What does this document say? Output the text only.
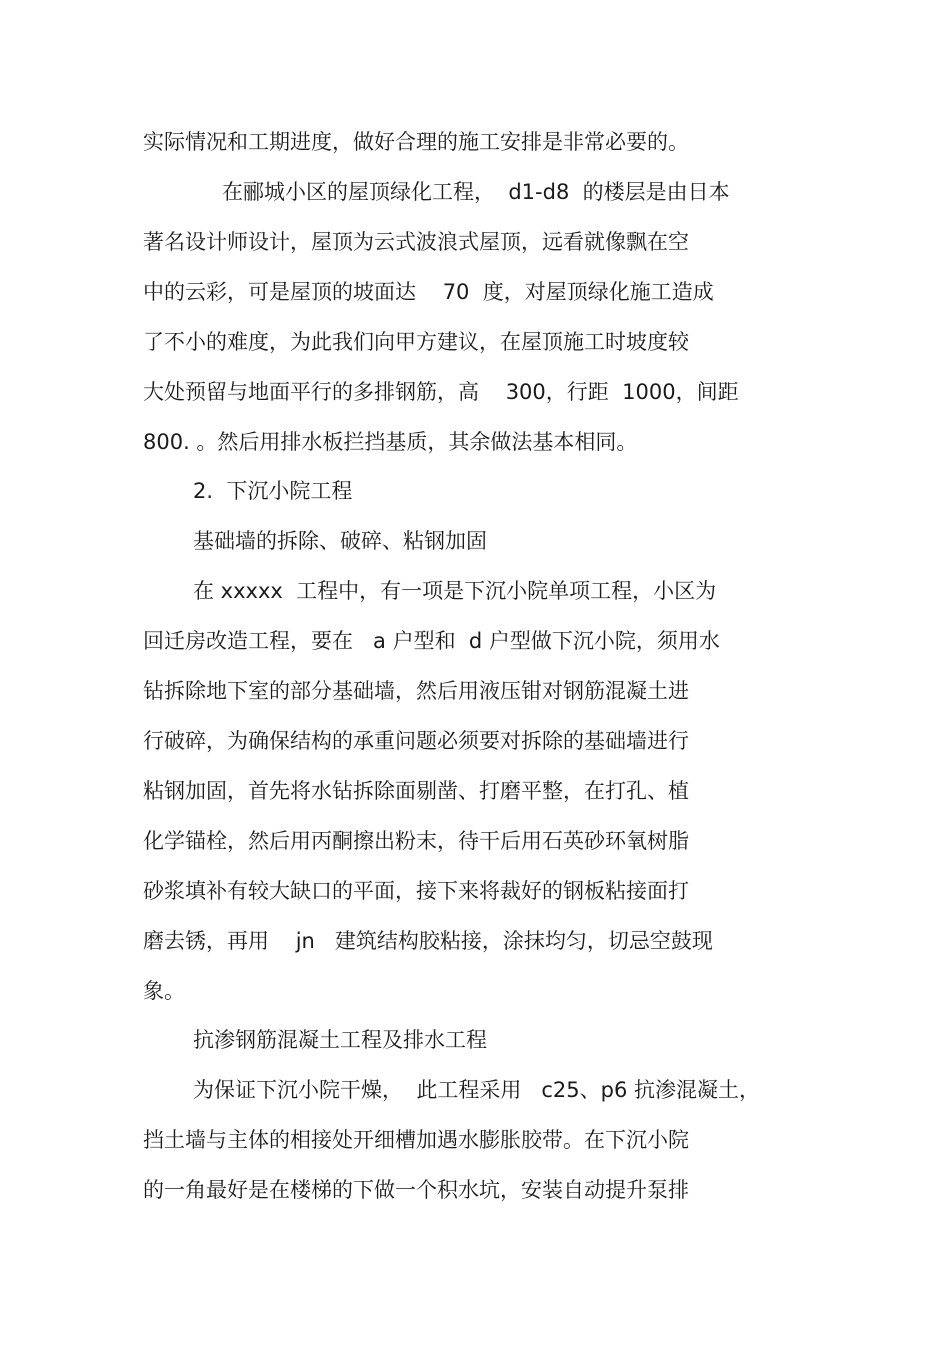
实际情况和工期进度，做好合理的施工安排是非常必要的。
在郦城小区的屋顶绿化工程，  d1-d8  的楼层是由日本
著名设计师设计，屋顶为云式波浪式屋顶，远看就像飘在空
中的云彩，可是屋顶的坡面达    70  度，对屋顶绿化施工造成
了不小的难度，为此我们向甲方建议，在屋顶施工时坡度较
大处预留与地面平行的多排钢筋，高    300，行距  1000，间距
800. 。然后用排水板拦挡基质，其余做法基本相同。
2.  下沉小院工程
基础墙的拆除、破碎、粘钢加固
在 xxxxx  工程中，有一项是下沉小院单项工程，小区为
回迁房改造工程，要在   a 户型和  d 户型做下沉小院，须用水
钻拆除地下室的部分基础墙，然后用液压钳对钢筋混凝土进
行破碎，为确保结构的承重问题必须要对拆除的基础墙进行
粘钢加固，首先将水钻拆除面剔凿、打磨平整，在打孔、植
化学锚栓，然后用丙酮擦出粉末，待干后用石英砂环氧树脂
砂浆填补有较大缺口的平面，接下来将裁好的钢板粘接面打
磨去锈，再用    jn   建筑结构胶粘接，涂抹均匀，切忌空鼓现
象。
抗渗钢筋混凝土工程及排水工程
为保证下沉小院干燥，  此工程采用   c25、p6 抗渗混凝土，
挡土墙与主体的相接处开细槽加遇水膨胀胶带。在下沉小院
的一角最好是在楼梯的下做一个积水坑，安装自动提升泵排
